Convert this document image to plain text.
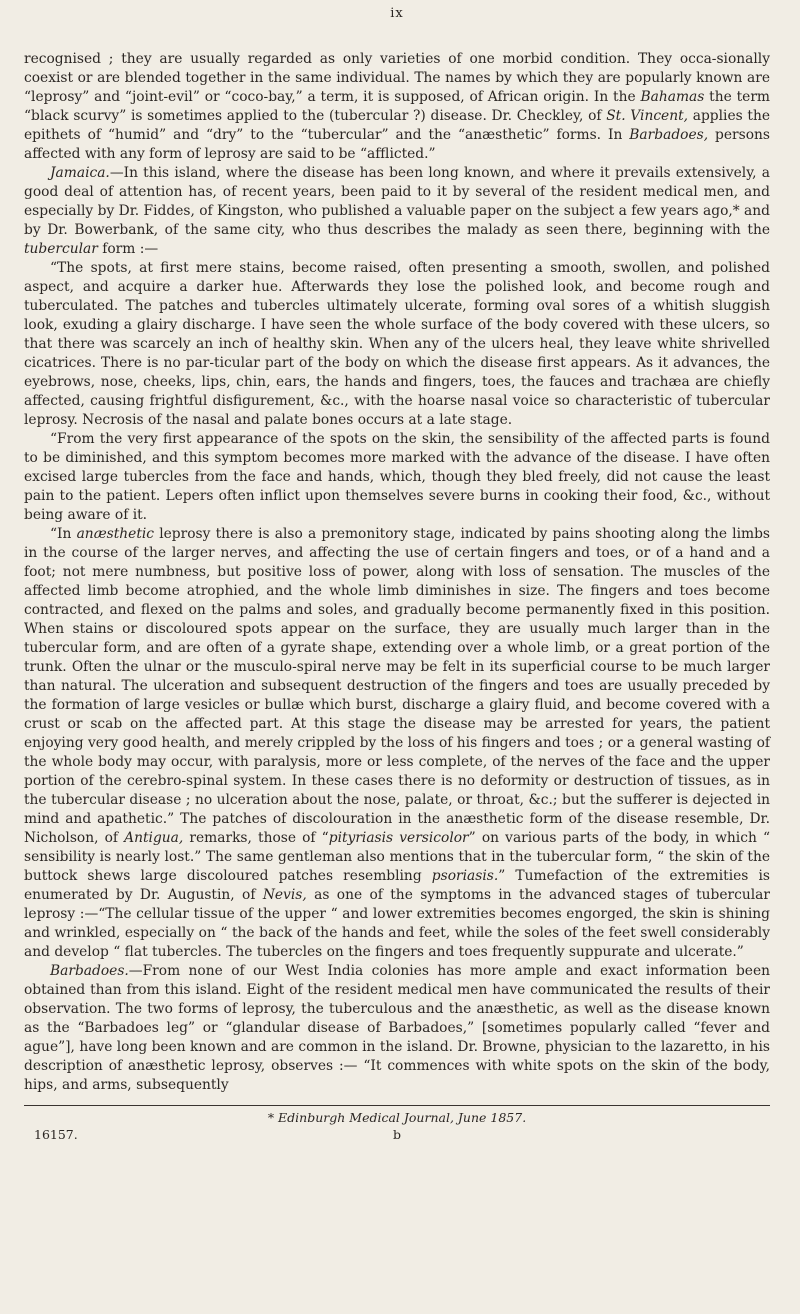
ix

recognised ; they are usually regarded as only varieties of one morbid condition. They occa-sionally coexist or are blended together in the same individual. The names by which they are popularly known are “leprosy” and “joint-evil” or “coco-bay,” a term, it is supposed, of African origin. In the Bahamas the term “black scurvy” is sometimes applied to the (tubercular ?) disease. Dr. Checkley, of St. Vincent, applies the epithets of “humid” and “dry” to the “tubercular” and the “anæsthetic” forms. In Barbadoes, persons affected with any form of leprosy are said to be “afflicted.”

Jamaica.—In this island, where the disease has been long known, and where it prevails extensively, a good deal of attention has, of recent years, been paid to it by several of the resident medical men, and especially by Dr. Fiddes, of Kingston, who published a valuable paper on the subject a few years ago,* and by Dr. Bowerbank, of the same city, who thus describes the malady as seen there, beginning with the tubercular form :—

“The spots, at first mere stains, become raised, often presenting a smooth, swollen, and polished aspect, and acquire a darker hue. Afterwards they lose the polished look, and become rough and tuberculated. The patches and tubercles ultimately ulcerate, forming oval sores of a whitish sluggish look, exuding a glairy discharge. I have seen the whole surface of the body covered with these ulcers, so that there was scarcely an inch of healthy skin. When any of the ulcers heal, they leave white shrivelled cicatrices. There is no par-ticular part of the body on which the disease first appears. As it advances, the eyebrows, nose, cheeks, lips, chin, ears, the hands and fingers, toes, the fauces and trachæa are chiefly affected, causing frightful disfigurement, &c., with the hoarse nasal voice so characteristic of tubercular leprosy. Necrosis of the nasal and palate bones occurs at a late stage.

“From the very first appearance of the spots on the skin, the sensibility of the affected parts is found to be diminished, and this symptom becomes more marked with the advance of the disease. I have often excised large tubercles from the face and hands, which, though they bled freely, did not cause the least pain to the patient. Lepers often inflict upon themselves severe burns in cooking their food, &c., without being aware of it.

“In anæsthetic leprosy there is also a premonitory stage, indicated by pains shooting along the limbs in the course of the larger nerves, and affecting the use of certain fingers and toes, or of a hand and a foot; not mere numbness, but positive loss of power, along with loss of sensation. The muscles of the affected limb become atrophied, and the whole limb diminishes in size. The fingers and toes become contracted, and flexed on the palms and soles, and gradually become permanently fixed in this position. When stains or discoloured spots appear on the surface, they are usually much larger than in the tubercular form, and are often of a gyrate shape, extending over a whole limb, or a great portion of the trunk. Often the ulnar or the musculo-spiral nerve may be felt in its superficial course to be much larger than natural. The ulceration and subsequent destruction of the fingers and toes are usually preceded by the formation of large vesicles or bullæ which burst, discharge a glairy fluid, and become covered with a crust or scab on the affected part. At this stage the disease may be arrested for years, the patient enjoying very good health, and merely crippled by the loss of his fingers and toes ; or a general wasting of the whole body may occur, with paralysis, more or less complete, of the nerves of the face and the upper portion of the cerebro-spinal system. In these cases there is no deformity or destruction of tissues, as in the tubercular disease ; no ulceration about the nose, palate, or throat, &c.; but the sufferer is dejected in mind and apathetic.” The patches of discolouration in the anæsthetic form of the disease resemble, Dr. Nicholson, of Antigua, remarks, those of “pityriasis versicolor” on various parts of the body, in which “ sensibility is nearly lost.” The same gentleman also mentions that in the tubercular form, “ the skin of the buttock shews large discoloured patches resembling psoriasis.” Tumefaction of the extremities is enumerated by Dr. Augustin, of Nevis, as one of the symptoms in the advanced stages of tubercular leprosy :—“The cellular tissue of the upper “ and lower extremities becomes engorged, the skin is shining and wrinkled, especially on “ the back of the hands and feet, while the soles of the feet swell considerably and develop “ flat tubercles. The tubercles on the fingers and toes frequently suppurate and ulcerate.”

Barbadoes.—From none of our West India colonies has more ample and exact information been obtained than from this island. Eight of the resident medical men have communicated the results of their observation. The two forms of leprosy, the tuberculous and the anæsthetic, as well as the disease known as the “Barbadoes leg” or “glandular disease of Barbadoes,” [sometimes popularly called “fever and ague”], have long been known and are common in the island. Dr. Browne, physician to the lazaretto, in his description of anæsthetic leprosy, observes :— “It commences with white spots on the skin of the body, hips, and arms, subsequently

* Edinburgh Medical Journal, June 1857.
16157.	b
